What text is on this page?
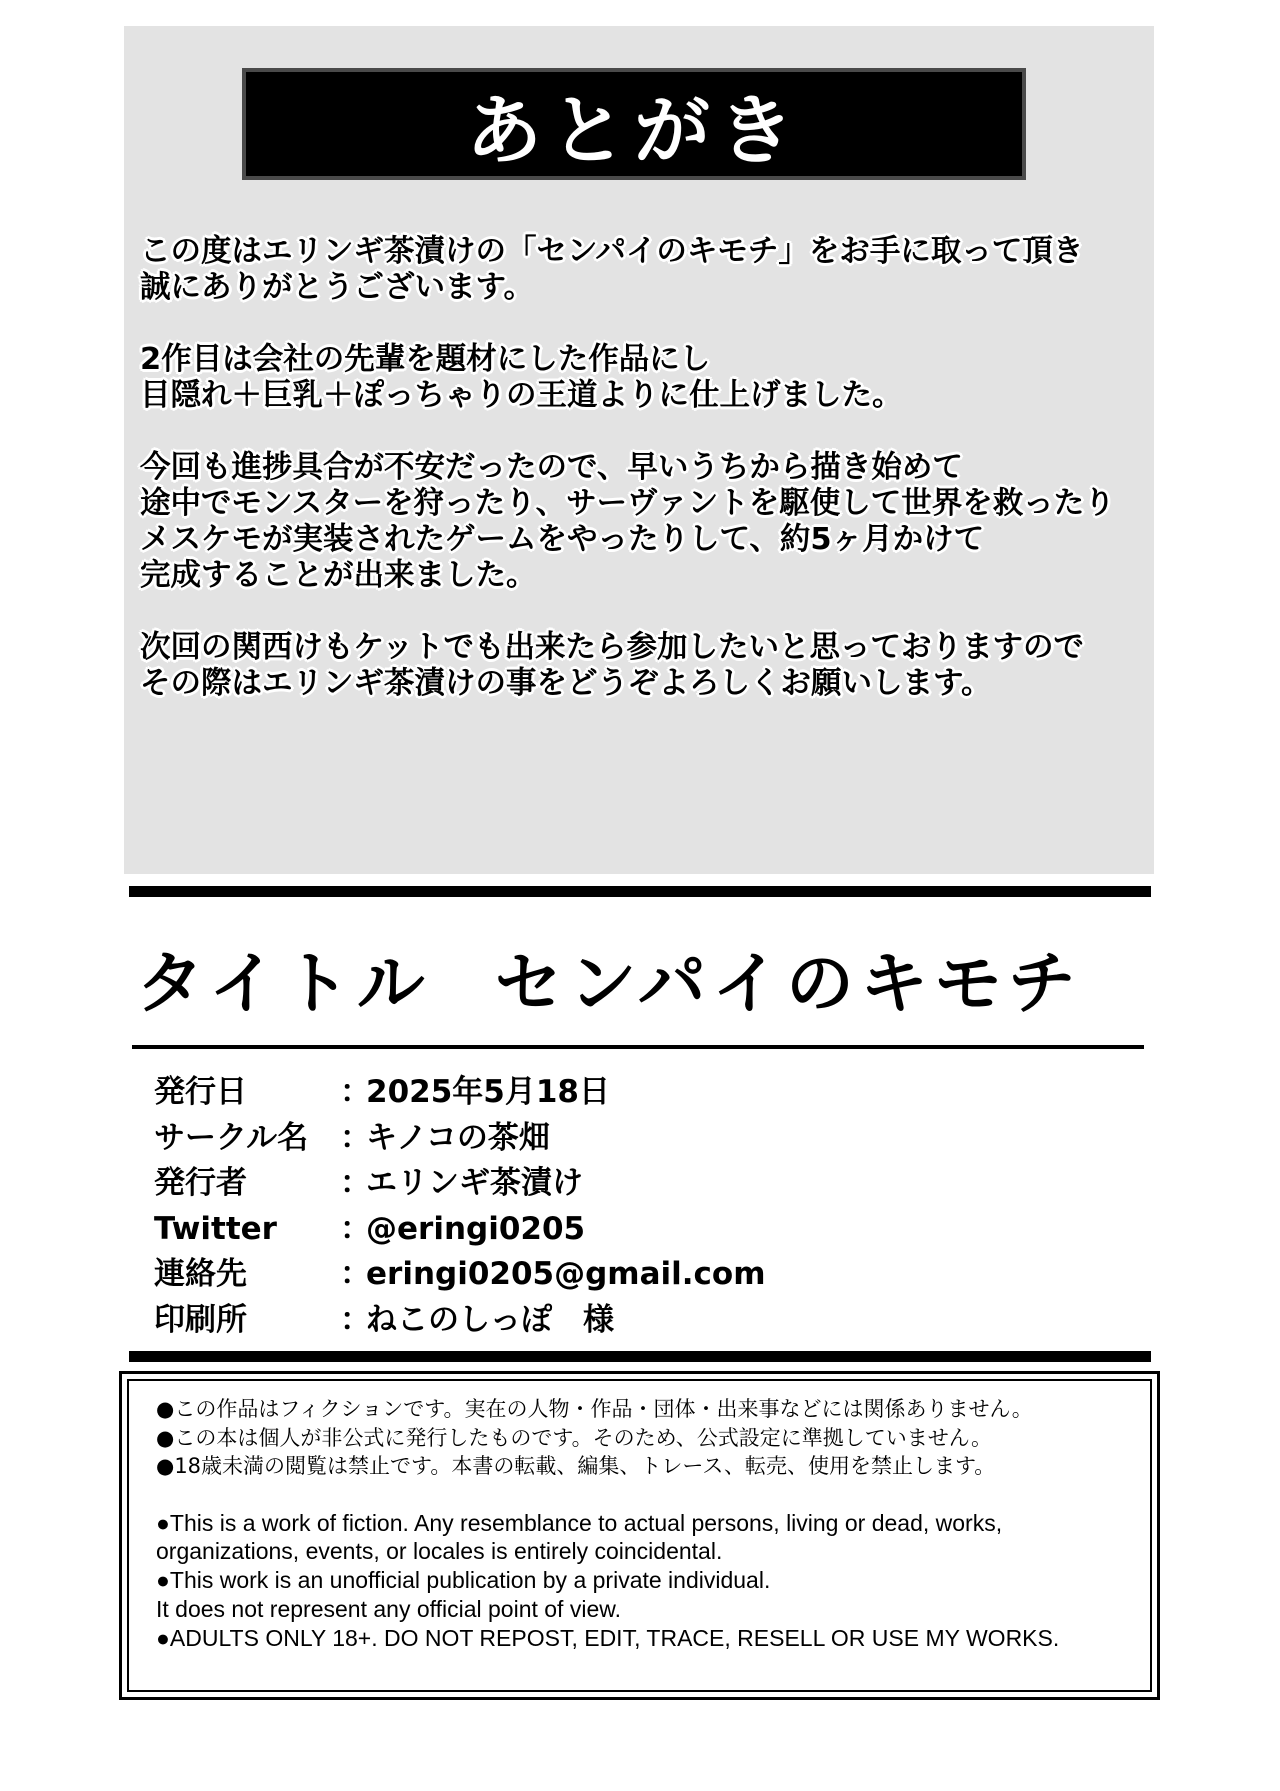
あとがき

この度はエリンギ茶漬けの「センパイのキモチ」をお手に取って頂き

誠にありがとうございます。

2作目は会社の先輩を題材にした作品にし

目隠れ＋巨乳＋ぽっちゃりの王道よりに仕上げました。

今回も進捗具合が不安だったので、早いうちから描き始めて

途中でモンスターを狩ったり、サーヴァントを駆使して世界を救ったり

メスケモが実装されたゲームをやったりして、約5ヶ月かけて

完成することが出来ました。

次回の関西けもケットでも出来たら参加したいと思っておりますので

その際はエリンギ茶漬けの事をどうぞよろしくお願いします。

タイトル センパイのキモチ
発行日	：
2025年5月18日
サークル名 ：
キノコの茶畑
発行者	：
エリンギ茶漬け
Twitter ：
@eringi0205
連絡先	：
eringi0205@gmail.com
印刷所	：
ねこのしっぽ　様

●この作品はフィクションです。実在の人物・作品・団体・出来事などには関係ありません。

●この本は個人が非公式に発行したものです。そのため、公式設定に準拠していません。

●18歳未満の閲覧は禁止です。本書の転載、編集、トレース、転売、使用を禁止します。

●This is a work of fiction. Any resemblance to actual persons, living or dead, works,

organizations, events, or locales is entirely coincidental.

●This work is an unofficial publication by a private individual.

It does not represent any official point of view.

●ADULTS ONLY 18+. DO NOT REPOST, EDIT, TRACE, RESELL OR USE MY WORKS.
